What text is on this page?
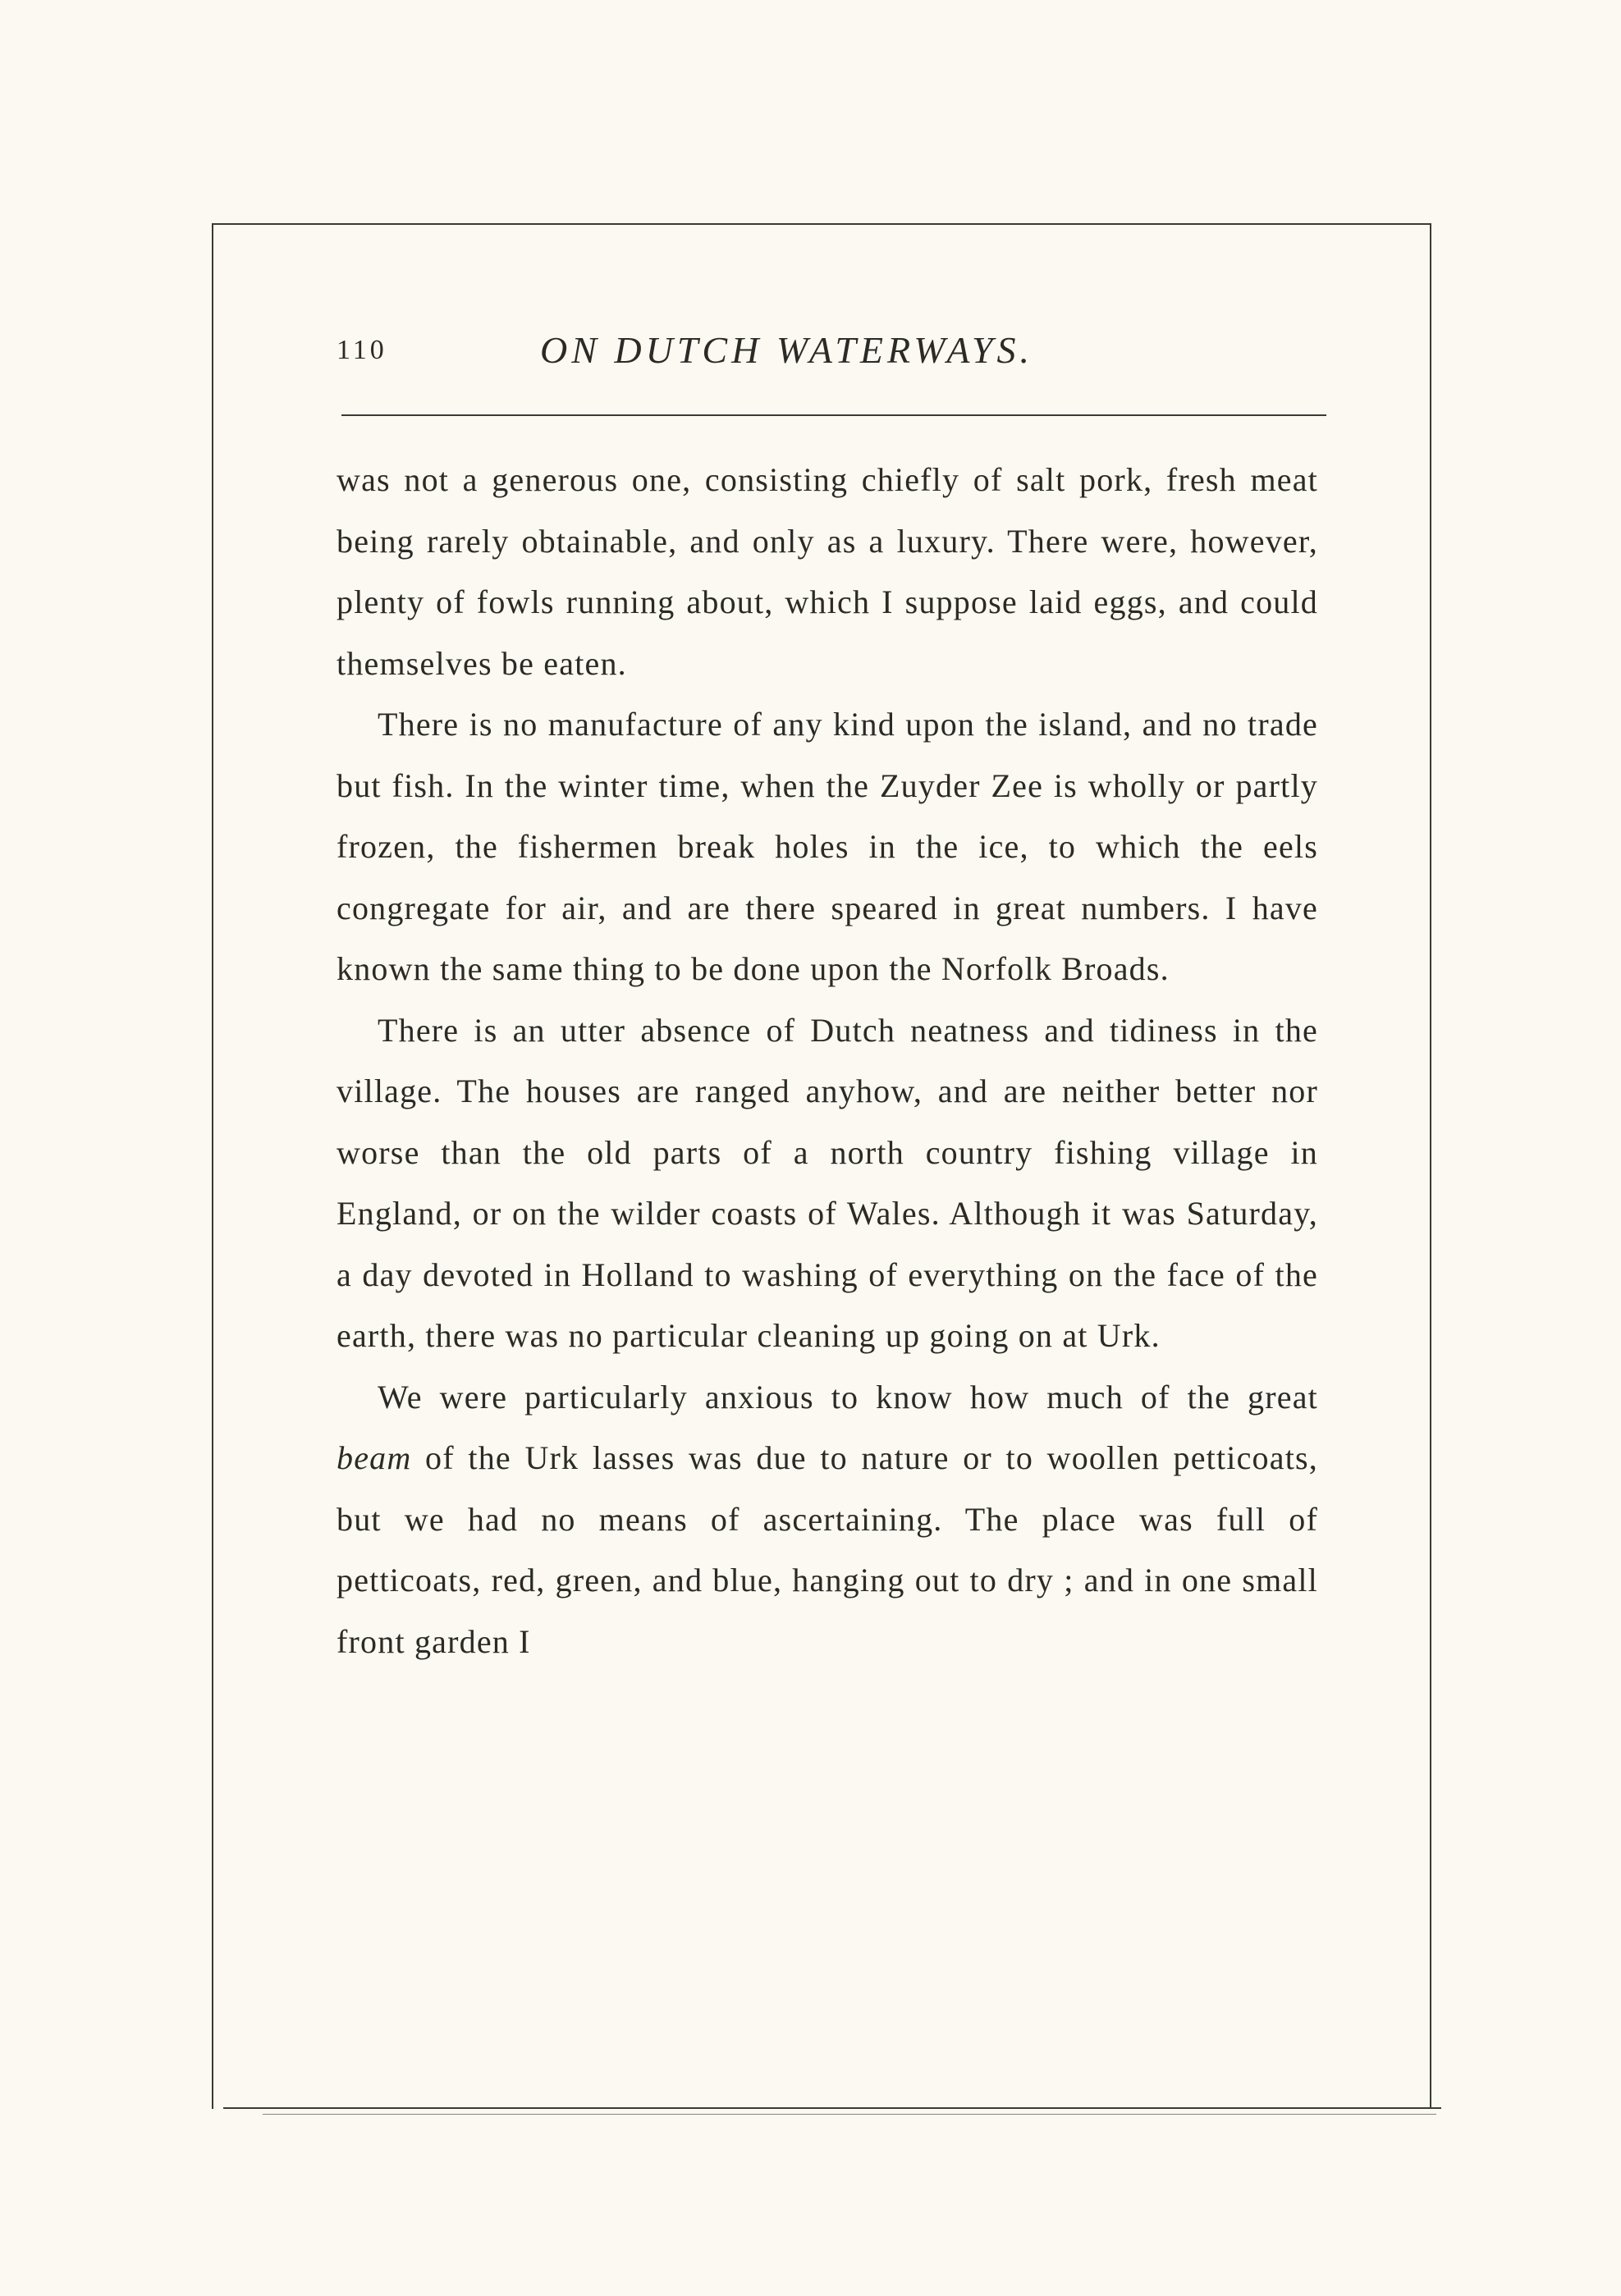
110	ON DUTCH WATERWAYS.

was not a generous one, consisting chiefly of salt pork, fresh meat being rarely obtainable, and only as a luxury. There were, however, plenty of fowls running about, which I suppose laid eggs, and could themselves be eaten.

There is no manufacture of any kind upon the island, and no trade but fish. In the winter time, when the Zuyder Zee is wholly or partly frozen, the fishermen break holes in the ice, to which the eels congregate for air, and are there speared in great numbers. I have known the same thing to be done upon the Norfolk Broads.

There is an utter absence of Dutch neatness and tidiness in the village. The houses are ranged anyhow, and are neither better nor worse than the old parts of a north country fishing village in England, or on the wilder coasts of Wales. Although it was Saturday, a day devoted in Holland to washing of everything on the face of the earth, there was no particular cleaning up going on at Urk.

We were particularly anxious to know how much of the great beam of the Urk lasses was due to nature or to woollen petticoats, but we had no means of ascertaining. The place was full of petticoats, red, green, and blue, hanging out to dry ; and in one small front garden I
